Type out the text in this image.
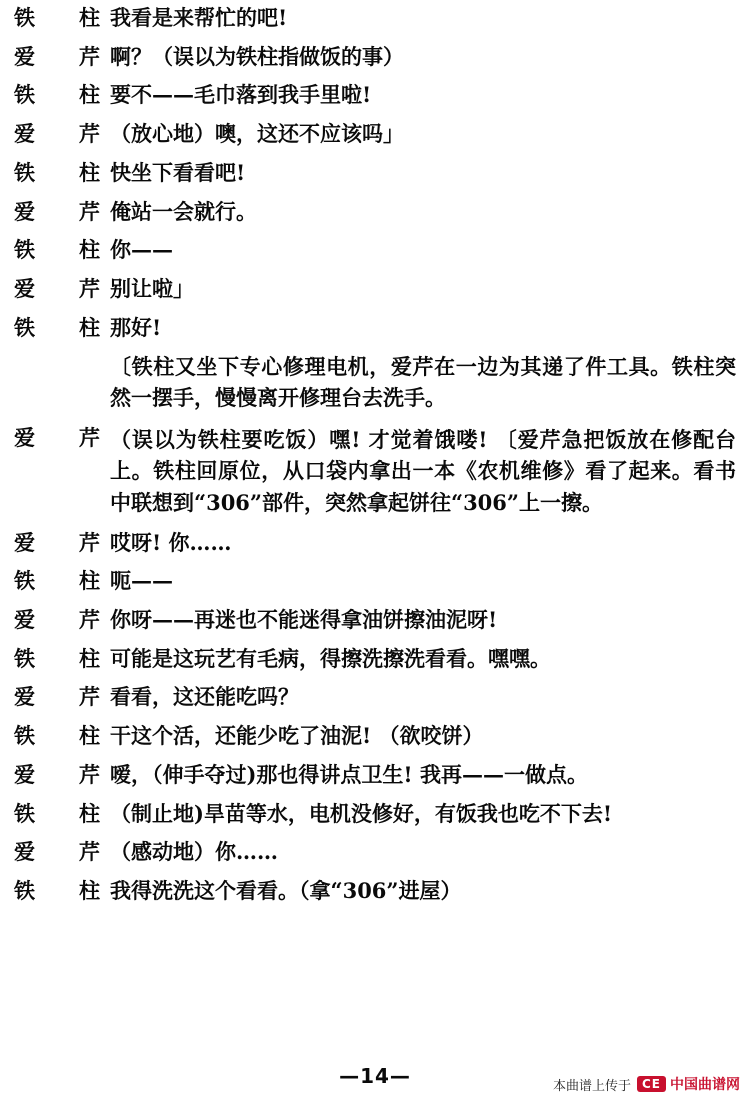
铁 柱 我看是来帮忙的吧!
爱 芹 啊？（误以为铁柱指做饭的事）
铁 柱 要不——毛巾落到我手里啦!
爱 芹 （放心地）噢，这还不应该吗」
铁 柱 快坐下看看吧!
爱 芹 俺站一会就行。
铁 柱 你——
爱 芹 别让啦」
铁 柱 那好!
〔铁柱又坐下专心修理电机，爱芹在一边为其递了件工具。铁柱突然一摆手，慢慢离开修理台去洗手。
爱 芹 （误以为铁柱要吃饭）嘿! 才觉着饿喽! 〔爱芹急把饭放在修配台上。铁柱回原位，从口袋内拿出一本《农机维修》看了起来。看书中联想到“306”部件，突然拿起饼往“306”上一擦。
爱 芹 哎呀! 你……
铁 柱 呃——
爱 芹 你呀——再迷也不能迷得拿油饼擦油泥呀!
铁 柱 可能是这玩艺有毛病，得擦洗擦洗看看。嘿嘿。
爱 芹 看看，这还能吃吗？
铁 柱 干这个活，还能少吃了油泥! （欲咬饼）
爱 芹 嗳，（伸手夺过)那也得讲点卫生! 我再——一做点。
铁 柱 （制止地)旱苗等水，电机没修好，有饭我也吃不下去!
爱 芹 （感动地）你……
铁 柱 我得洗洗这个看看。（拿“306”进屋）
—14—	本曲谱上传于 CE 中国曲谱网
